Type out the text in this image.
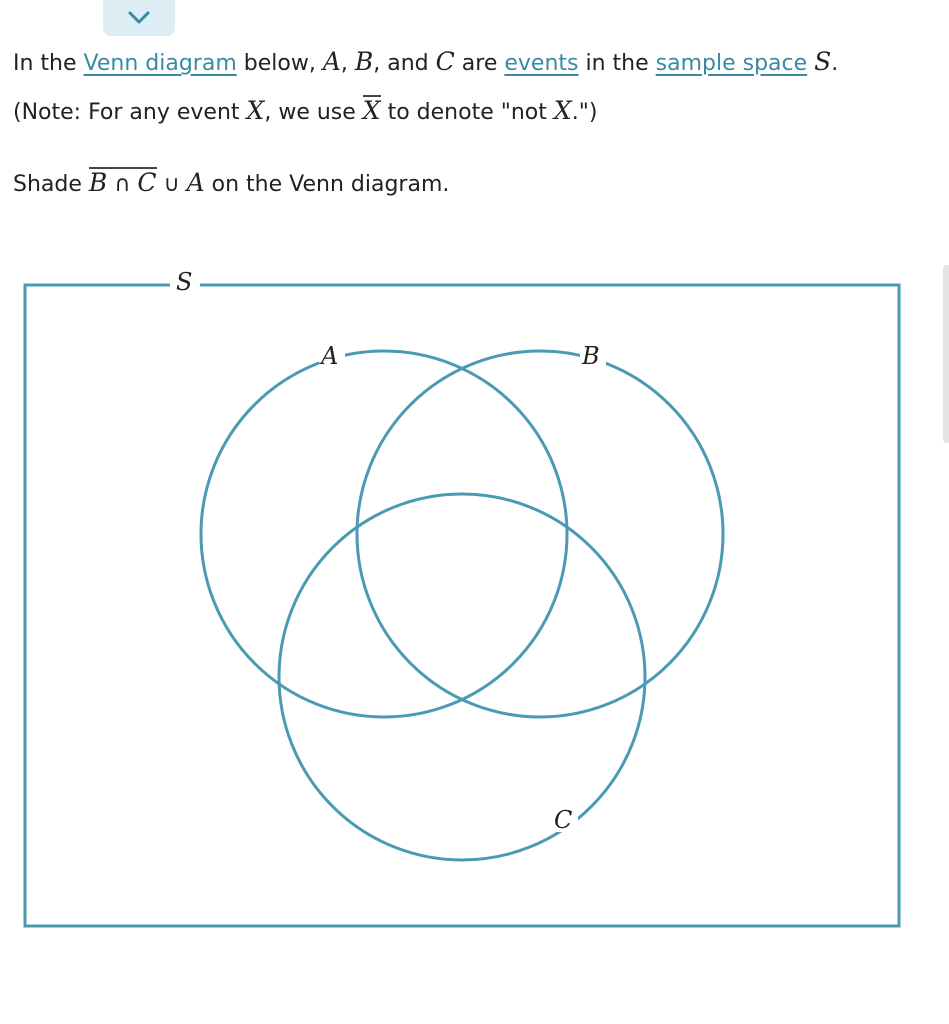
In the Venn diagram below, A, B, and C are events in the sample space S.
(Note: For any event X, we use X to denote "not X.")
Shade B ∩ C ∪ A on the Venn diagram.
S
A	B
C
